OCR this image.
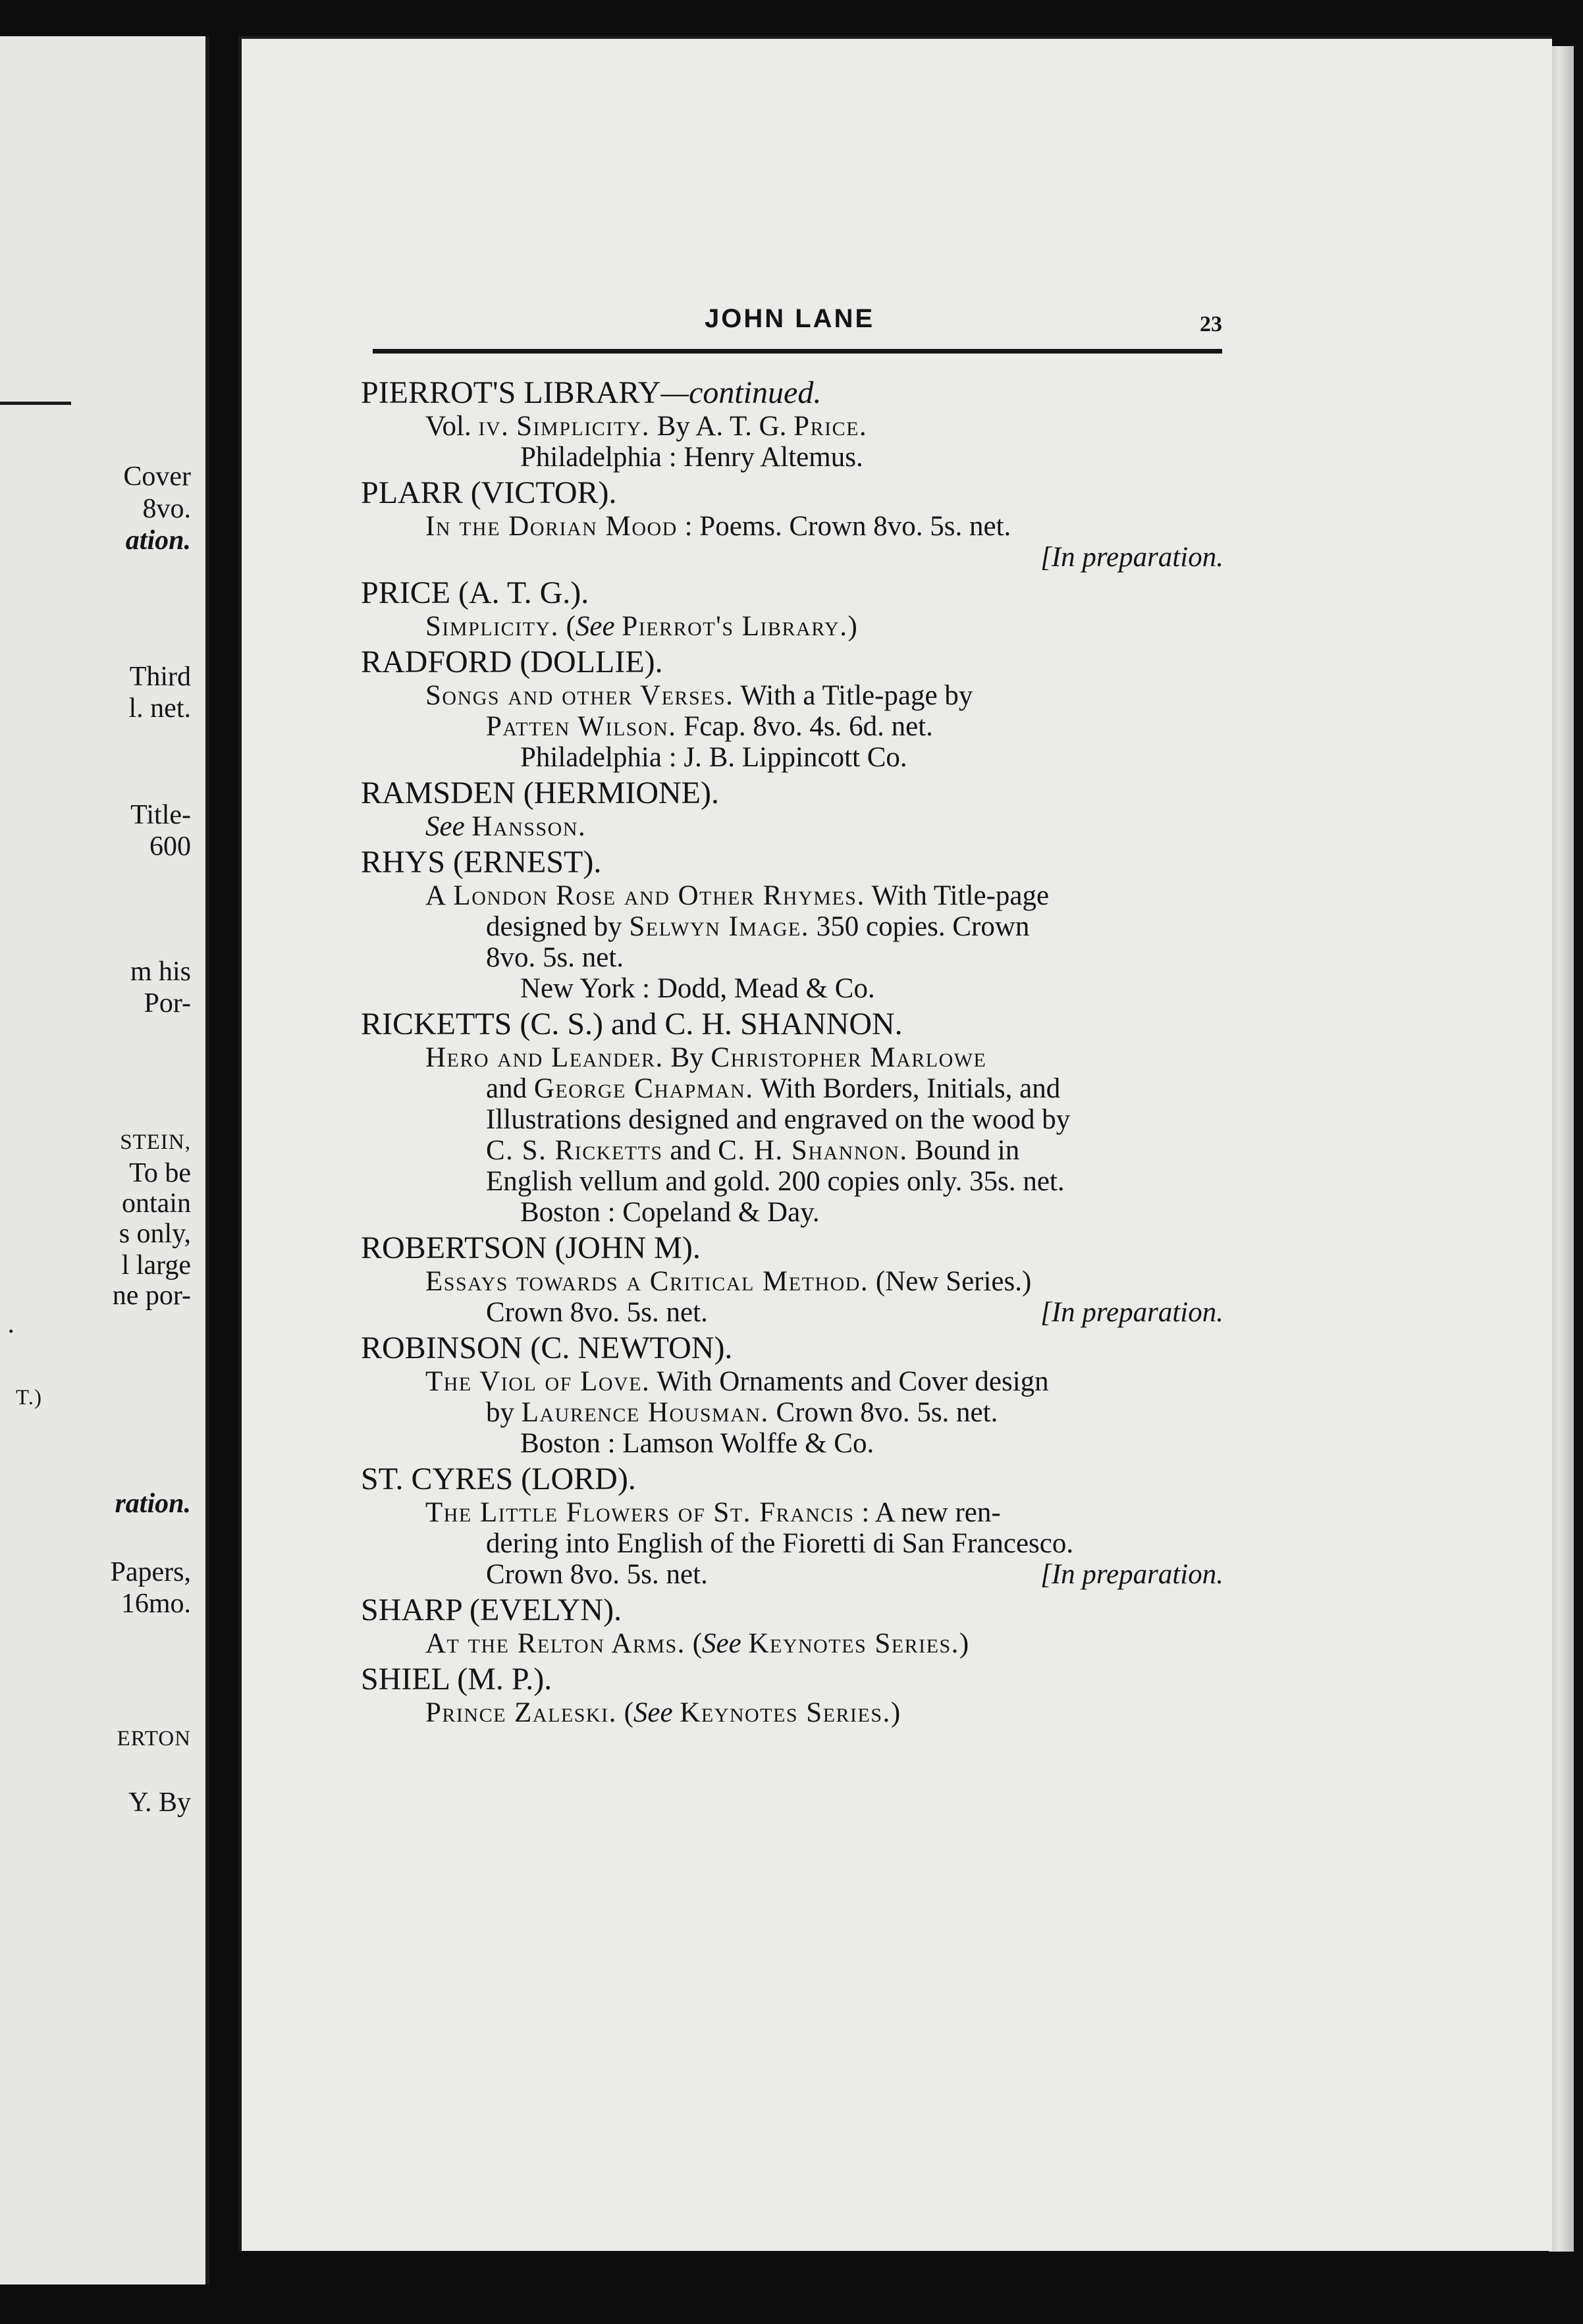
Cover
8vo.
ation.
Third
l. net.
Title-
600
m his
Por-
STEIN,
To be
ontain
s only,
l large
ne por-
.
T.)
ration.
Papers,
16mo.
ERTON
Y. By
JOHN LANE	23
PIERROT'S LIBRARY—continued.
Vol. iv. Simplicity. By A. T. G. Price.
Philadelphia : Henry Altemus.
PLARR (VICTOR).
In the Dorian Mood : Poems. Crown 8vo. 5s. net.
[In preparation.
PRICE (A. T. G.).
Simplicity. (See Pierrot's Library.)
RADFORD (DOLLIE).
Songs and other Verses. With a Title-page by
Patten Wilson. Fcap. 8vo. 4s. 6d. net.
Philadelphia : J. B. Lippincott Co.
RAMSDEN (HERMIONE).
See Hansson.
RHYS (ERNEST).
A London Rose and Other Rhymes. With Title-page
designed by Selwyn Image. 350 copies. Crown
8vo. 5s. net.
New York : Dodd, Mead & Co.
RICKETTS (C. S.) and C. H. SHANNON.
Hero and Leander. By Christopher Marlowe
and George Chapman. With Borders, Initials, and
Illustrations designed and engraved on the wood by
C. S. Ricketts and C. H. Shannon. Bound in
English vellum and gold. 200 copies only. 35s. net.
Boston : Copeland & Day.
ROBERTSON (JOHN M).
Essays towards a Critical Method. (New Series.)
Crown 8vo. 5s. net.	[In preparation.
ROBINSON (C. NEWTON).
The Viol of Love. With Ornaments and Cover design
by Laurence Housman. Crown 8vo. 5s. net.
Boston : Lamson Wolffe & Co.
ST. CYRES (LORD).
The Little Flowers of St. Francis : A new ren-
dering into English of the Fioretti di San Francesco.
Crown 8vo. 5s. net.	[In preparation.
SHARP (EVELYN).
At the Relton Arms. (See Keynotes Series.)
SHIEL (M. P.).
Prince Zaleski. (See Keynotes Series.)
